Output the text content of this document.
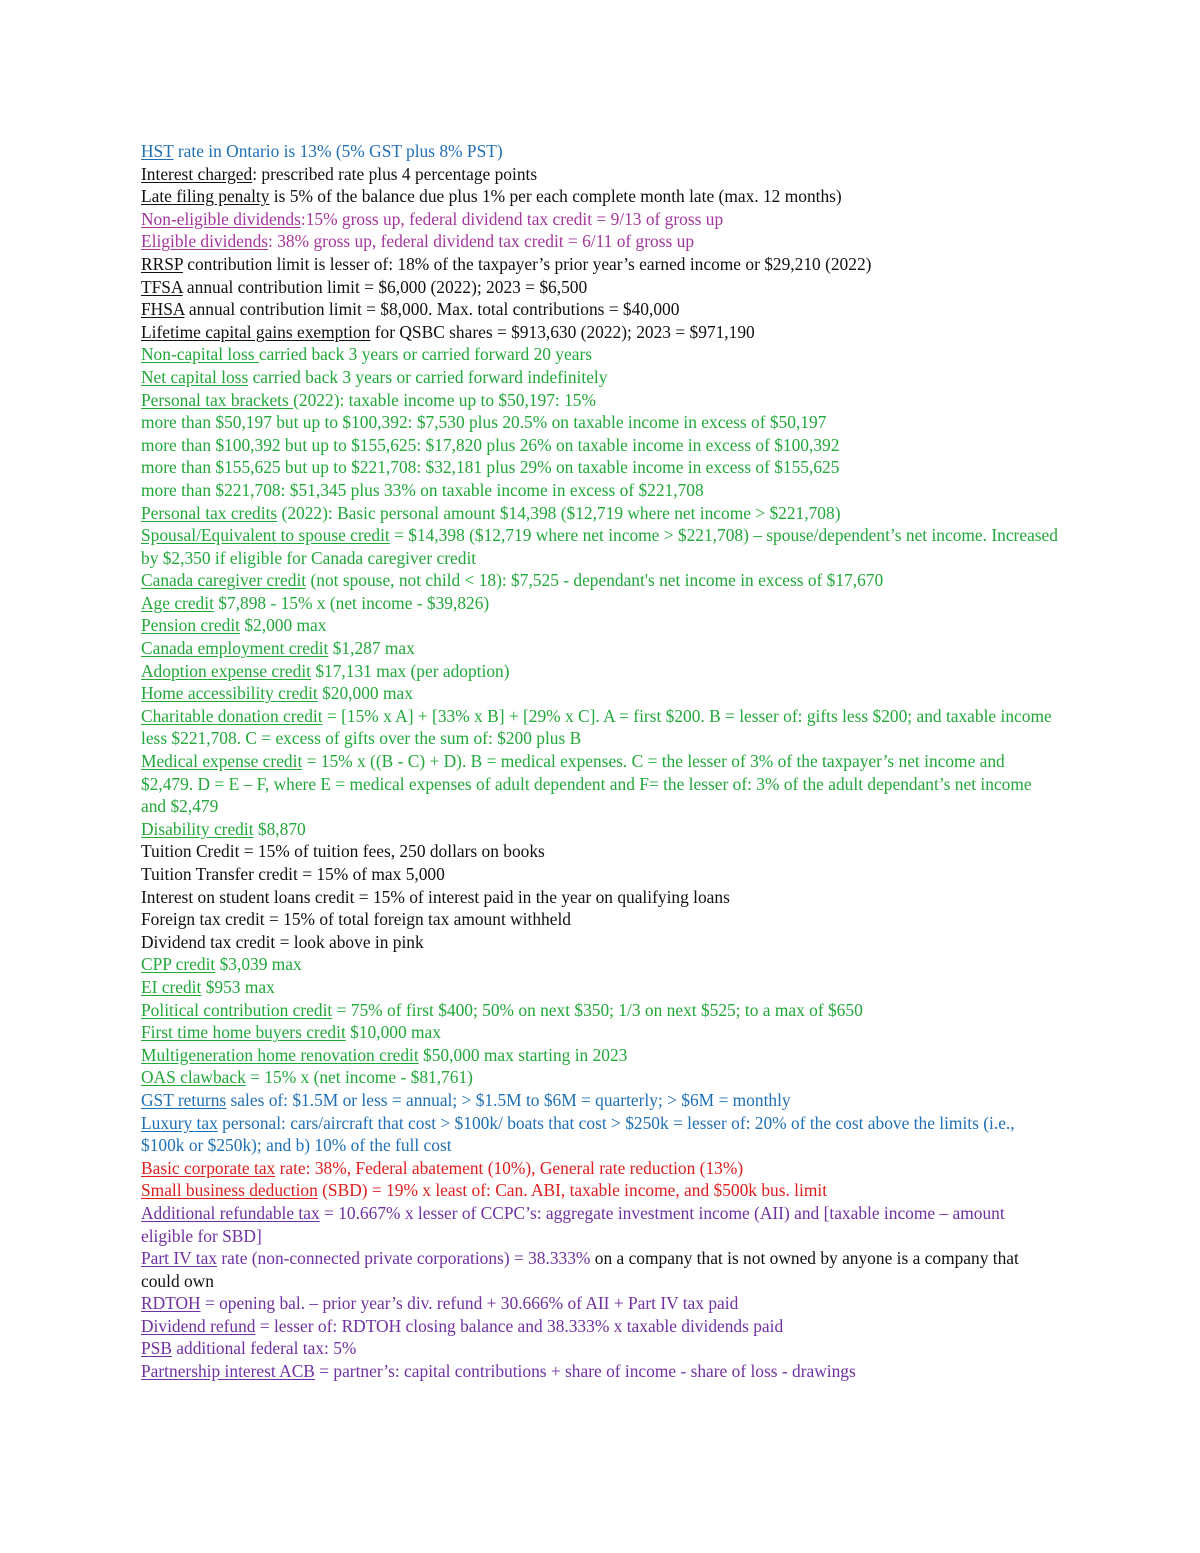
HST rate in Ontario is 13% (5% GST plus 8% PST)
Interest charged: prescribed rate plus 4 percentage points
Late filing penalty is 5% of the balance due plus 1% per each complete month late (max. 12 months)
Non-eligible dividends:15% gross up, federal dividend tax credit = 9/13 of gross up
Eligible dividends: 38% gross up, federal dividend tax credit = 6/11 of gross up
RRSP contribution limit is lesser of: 18% of the taxpayer’s prior year’s earned income or $29,210 (2022)
TFSA annual contribution limit = $6,000 (2022); 2023 = $6,500
FHSA annual contribution limit = $8,000. Max. total contributions = $40,000
Lifetime capital gains exemption for QSBC shares = $913,630 (2022); 2023 = $971,190
Non-capital loss carried back 3 years or carried forward 20 years
Net capital loss carried back 3 years or carried forward indefinitely
Personal tax brackets (2022): taxable income up to $50,197: 15%
more than $50,197 but up to $100,392: $7,530 plus 20.5% on taxable income in excess of $50,197
more than $100,392 but up to $155,625: $17,820 plus 26% on taxable income in excess of $100,392
more than $155,625 but up to $221,708: $32,181 plus 29% on taxable income in excess of $155,625
more than $221,708: $51,345 plus 33% on taxable income in excess of $221,708
Personal tax credits (2022): Basic personal amount $14,398 ($12,719 where net income > $221,708)
Spousal/Equivalent to spouse credit = $14,398 ($12,719 where net income > $221,708) – spouse/dependent’s net income. Increased by $2,350 if eligible for Canada caregiver credit
Canada caregiver credit (not spouse, not child < 18): $7,525 - dependant's net income in excess of $17,670
Age credit $7,898 - 15% x (net income - $39,826)
Pension credit $2,000 max
Canada employment credit $1,287 max
Adoption expense credit $17,131 max (per adoption)
Home accessibility credit $20,000 max
Charitable donation credit = [15% x A] + [33% x B] + [29% x C]. A = first $200. B = lesser of: gifts less $200; and taxable income less $221,708. C = excess of gifts over the sum of: $200 plus B
Medical expense credit = 15% x ((B - C) + D). B = medical expenses. C = the lesser of 3% of the taxpayer’s net income and $2,479. D = E – F, where E = medical expenses of adult dependent and F= the lesser of: 3% of the adult dependant’s net income and $2,479
Disability credit $8,870
Tuition Credit = 15% of tuition fees, 250 dollars on books
Tuition Transfer credit = 15% of max 5,000
Interest on student loans credit = 15% of interest paid in the year on qualifying loans
Foreign tax credit = 15% of total foreign tax amount withheld
Dividend tax credit = look above in pink
CPP credit $3,039 max
EI credit $953 max
Political contribution credit = 75% of first $400; 50% on next $350; 1/3 on next $525; to a max of $650
First time home buyers credit $10,000 max
Multigeneration home renovation credit $50,000 max starting in 2023
OAS clawback = 15% x (net income - $81,761)
GST returns sales of: $1.5M or less = annual; > $1.5M to $6M = quarterly; > $6M = monthly
Luxury tax personal: cars/aircraft that cost > $100k/ boats that cost > $250k = lesser of: 20% of the cost above the limits (i.e., $100k or $250k); and b) 10% of the full cost
Basic corporate tax rate: 38%, Federal abatement (10%), General rate reduction (13%)
Small business deduction (SBD) = 19% x least of: Can. ABI, taxable income, and $500k bus. limit
Additional refundable tax = 10.667% x lesser of CCPC’s: aggregate investment income (AII) and [taxable income – amount eligible for SBD]
Part IV tax rate (non-connected private corporations) = 38.333% on a company that is not owned by anyone is a company that could own
RDTOH = opening bal. – prior year’s div. refund + 30.666% of AII + Part IV tax paid
Dividend refund = lesser of: RDTOH closing balance and 38.333% x taxable dividends paid
PSB additional federal tax: 5%
Partnership interest ACB = partner’s: capital contributions + share of income - share of loss - drawings
